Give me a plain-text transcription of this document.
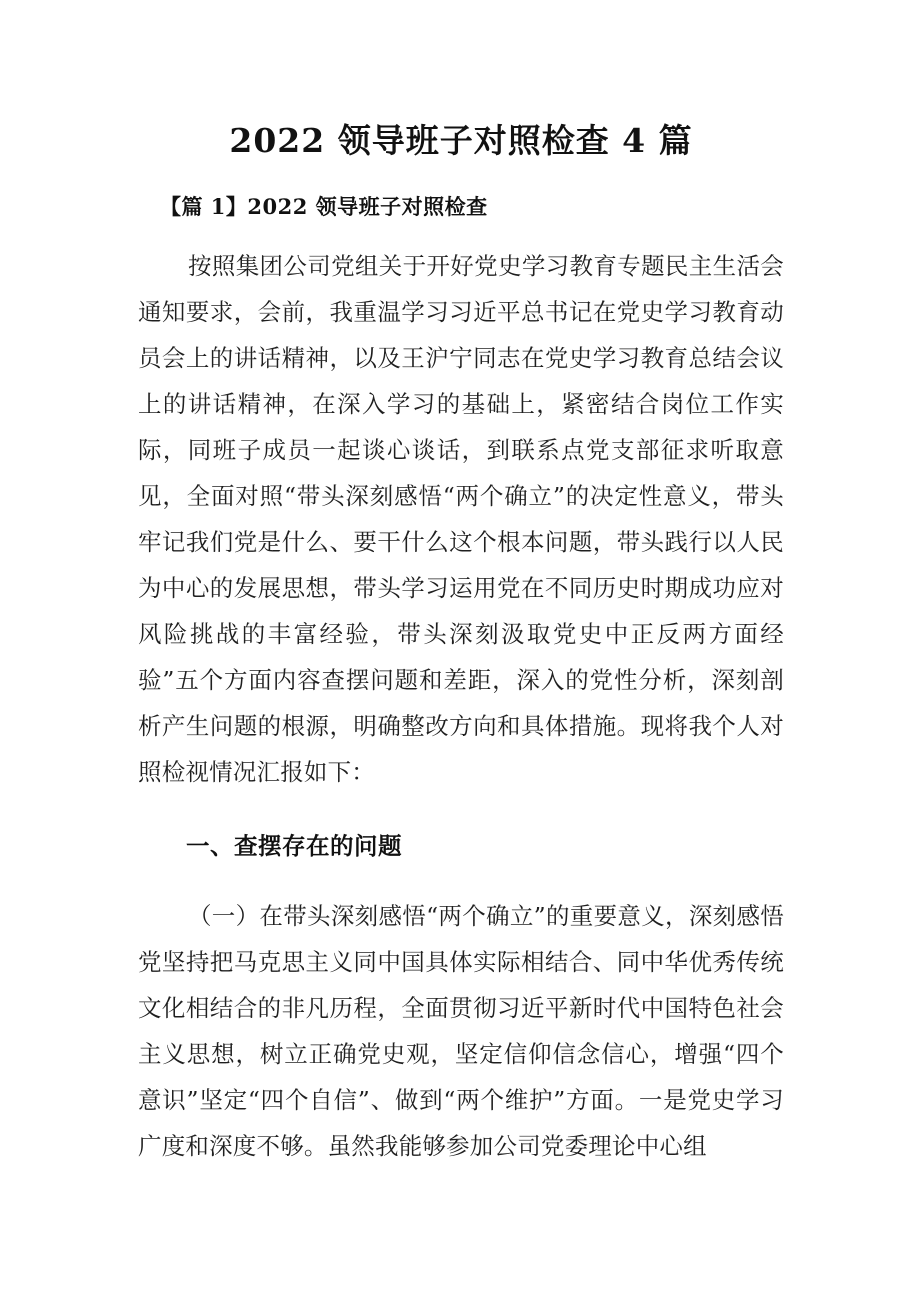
2022 领导班子对照检查 4 篇
【篇 1】2022 领导班子对照检查

按照集团公司党组关于开好党史学习教育专题民主生活会通知要求，会前，我重温学习习近平总书记在党史学习教育动员会上的讲话精神，以及王沪宁同志在党史学习教育总结会议上的讲话精神，在深入学习的基础上，紧密结合岗位工作实际，同班子成员一起谈心谈话，到联系点党支部征求听取意见，全面对照“带头深刻感悟“两个确立”的决定性意义，带头牢记我们党是什么、要干什么这个根本问题，带头践行以人民为中心的发展思想，带头学习运用党在不同历史时期成功应对风险挑战的丰富经验，带头深刻汲取党史中正反两方面经验”五个方面内容查摆问题和差距，深入的党性分析，深刻剖析产生问题的根源，明确整改方向和具体措施。现将我个人对照检视情况汇报如下：

一、查摆存在的问题

（一）在带头深刻感悟“两个确立”的重要意义，深刻感悟党坚持把马克思主义同中国具体实际相结合、同中华优秀传统文化相结合的非凡历程，全面贯彻习近平新时代中国特色社会主义思想，树立正确党史观，坚定信仰信念信心，增强“四个意识”坚定“四个自信”、做到“两个维护”方面。一是党史学习广度和深度不够。虽然我能够参加公司党委理论中心组
